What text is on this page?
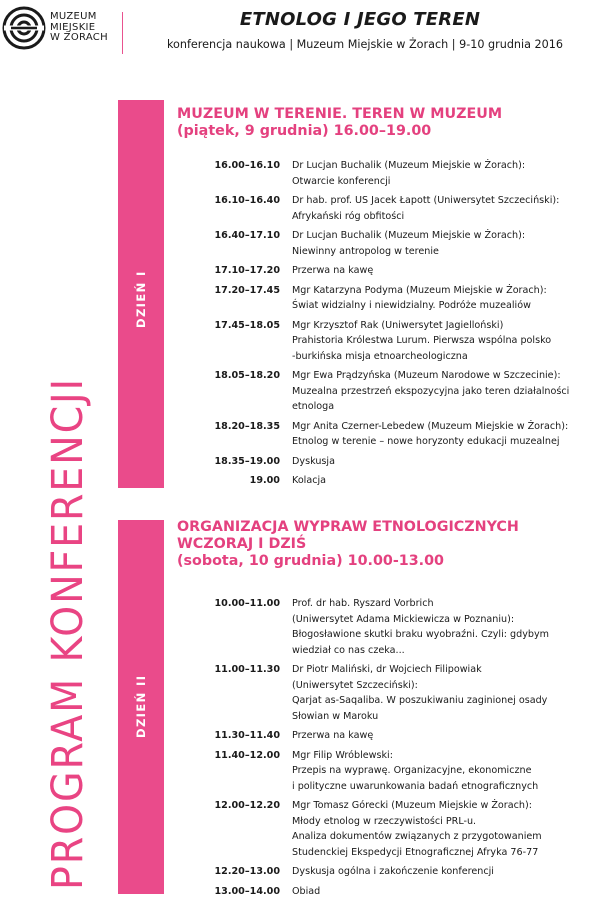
MUZEUM
MIEJSKIE
W ŻORACH
ETNOLOG I JEGO TEREN
konferencja naukowa | Muzeum Miejskie w Żorach | 9-10 grudnia 2016
PROGRAM KONFERENCJI
DZIEŃ I
MUZEUM W TERENIE. TEREN W MUZEUM
(piątek, 9 grudnia) 16.00–19.00
16.00–16.10	Dr Lucjan Buchalik (Muzeum Miejskie w Żorach):
Otwarcie konferencji
16.10–16.40	Dr hab. prof. US Jacek Łapott (Uniwersytet Szczeciński):
Afrykański róg obfitości
16.40–17.10	Dr Lucjan Buchalik (Muzeum Miejskie w Żorach):
Niewinny antropolog w terenie
17.10–17.20	Przerwa na kawę
17.20–17.45	Mgr Katarzyna Podyma (Muzeum Miejskie w Żorach):
Świat widzialny i niewidzialny. Podróże muzealiów
17.45–18.05	Mgr Krzysztof Rak (Uniwersytet Jagielloński)
Prahistoria Królestwa Lurum. Pierwsza wspólna polsko
-burkińska misja etnoarcheologiczna
18.05–18.20	Mgr Ewa Prądzyńska (Muzeum Narodowe w Szczecinie):
Muzealna przestrzeń ekspozycyjna jako teren działalności
etnologa
18.20–18.35	Mgr Anita Czerner-Lebedew (Muzeum Miejskie w Żorach):
Etnolog w terenie – nowe horyzonty edukacji muzealnej
18.35–19.00	Dyskusja
19.00	Kolacja
DZIEŃ II
ORGANIZACJA WYPRAW ETNOLOGICZNYCH
WCZORAJ I DZIŚ
(sobota, 10 grudnia) 10.00-13.00
10.00–11.00	Prof. dr hab. Ryszard Vorbrich
(Uniwersytet Adama Mickiewicza w Poznaniu):
Błogosławione skutki braku wyobraźni. Czyli: gdybym
wiedział co nas czeka...
11.00–11.30	Dr Piotr Maliński, dr Wojciech Filipowiak
(Uniwersytet Szczeciński):
Qarjat as-Saqaliba. W poszukiwaniu zaginionej osady
Słowian w Maroku
11.30–11.40	Przerwa na kawę
11.40–12.00	Mgr Filip Wróblewski:
Przepis na wyprawę. Organizacyjne, ekonomiczne
i polityczne uwarunkowania badań etnograficznych
12.00–12.20	Mgr Tomasz Górecki (Muzeum Miejskie w Żorach):
Młody etnolog w rzeczywistości PRL-u.
Analiza dokumentów związanych z przygotowaniem
Studenckiej Ekspedycji Etnograficznej Afryka 76-77
12.20–13.00	Dyskusja ogólna i zakończenie konferencji
13.00–14.00	Obiad
